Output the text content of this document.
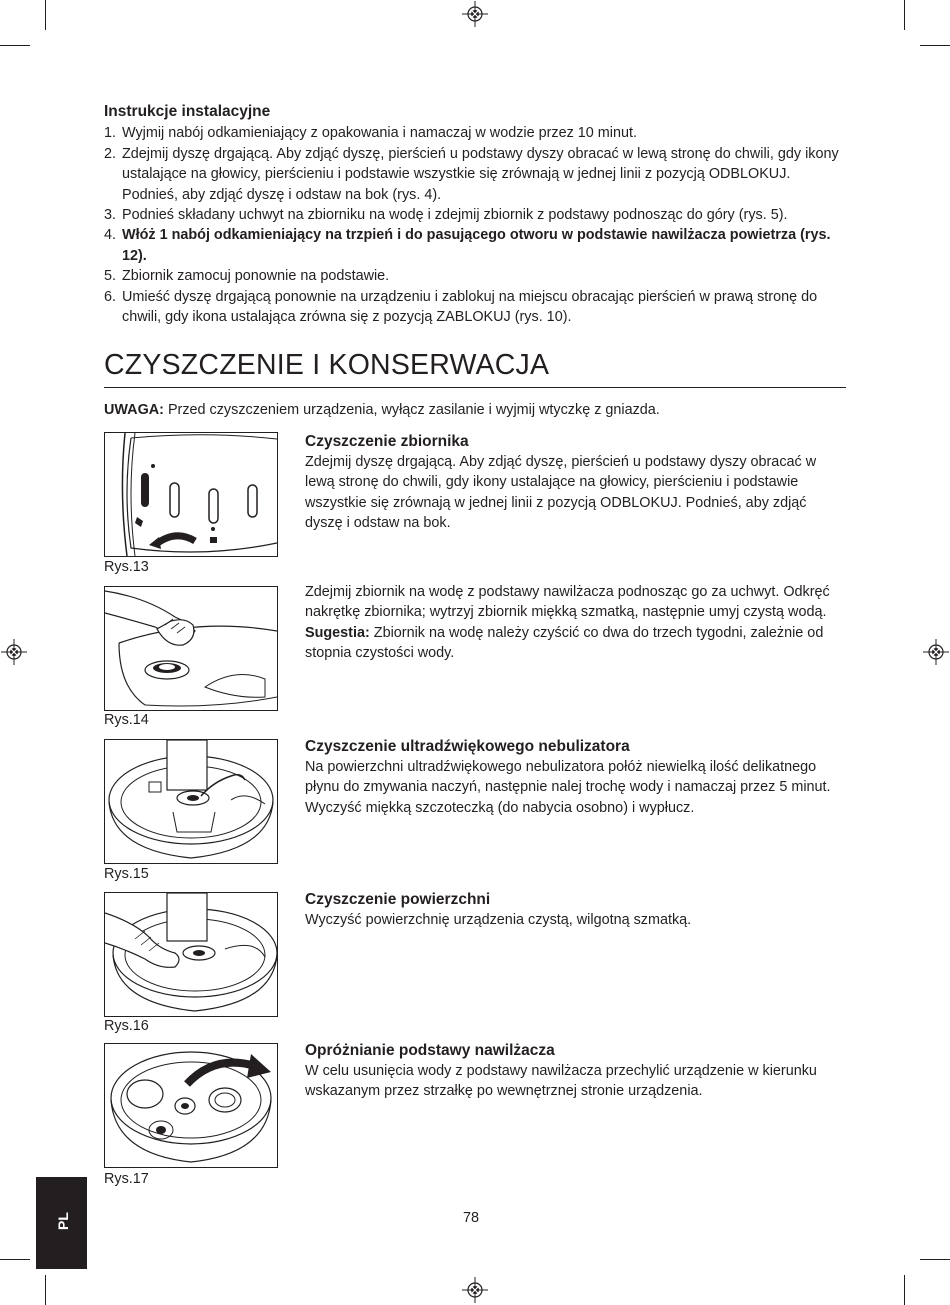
Instrukcje instalacyjne
1. Wyjmij nabój odkamieniający z opakowania i namaczaj w wodzie przez 10 minut.
2. Zdejmij dyszę drgającą. Aby zdjąć dyszę, pierścień u podstawy dyszy obracać w lewą stronę do chwili, gdy ikony ustalające na głowicy, pierścieniu i podstawie wszystkie się zrównają w jednej linii z pozycją ODBLOKUJ. Podnieś, aby zdjąć dyszę i odstaw na bok (rys. 4).
3. Podnieś składany uchwyt na zbiorniku na wodę i zdejmij zbiornik z podstawy podnosząc do góry (rys. 5).
4. Włóż 1 nabój odkamieniający na trzpień i do pasującego otworu w podstawie nawilżacza powietrza (rys. 12).
5. Zbiornik zamocuj ponownie na podstawie.
6. Umieść dyszę drgającą ponownie na urządzeniu i zablokuj na miejscu obracając pierścień w prawą stronę do chwili, gdy ikona ustalająca zrówna się z pozycją ZABLOKUJ (rys. 10).
CZYSZCZENIE I KONSERWACJA
UWAGA: Przed czyszczeniem urządzenia, wyłącz zasilanie i wyjmij wtyczkę z gniazda.
Rys.13
Czyszczenie zbiornika

Zdejmij dyszę drgającą. Aby zdjąć dyszę, pierścień u podstawy dyszy obracać w lewą stronę do chwili, gdy ikony ustalające na głowicy, pierścieniu i podstawie wszystkie się zrównają w jednej linii z pozycją ODBLOKUJ. Podnieś, aby zdjąć dyszę i odstaw na bok.

Rys.14

Zdejmij zbiornik na wodę z podstawy nawilżacza podnosząc go za uchwyt. Odkręć nakrętkę zbiornika; wytrzyj zbiornik miękką szmatką, następnie umyj czystą wodą.

Sugestia: Zbiornik na wodę należy czyścić co dwa do trzech tygodni, zależnie od stopnia czystości wody.

Rys.15
Czyszczenie ultradźwiękowego nebulizatora

Na powierzchni ultradźwiękowego nebulizatora połóż niewielką ilość delikatnego płynu do zmywania naczyń, następnie nalej trochę wody i namaczaj przez 5 minut. Wyczyść miękką szczoteczką (do nabycia osobno) i wypłucz.

Rys.16
Czyszczenie powierzchni

Wyczyść powierzchnię urządzenia czystą, wilgotną szmatką.

Rys.17
Opróżnianie podstawy nawilżacza

W celu usunięcia wody z podstawy nawilżacza przechylić urządzenie w kierunku wskazanym przez strzałkę po wewnętrznej stronie urządzenia.

PL	78
